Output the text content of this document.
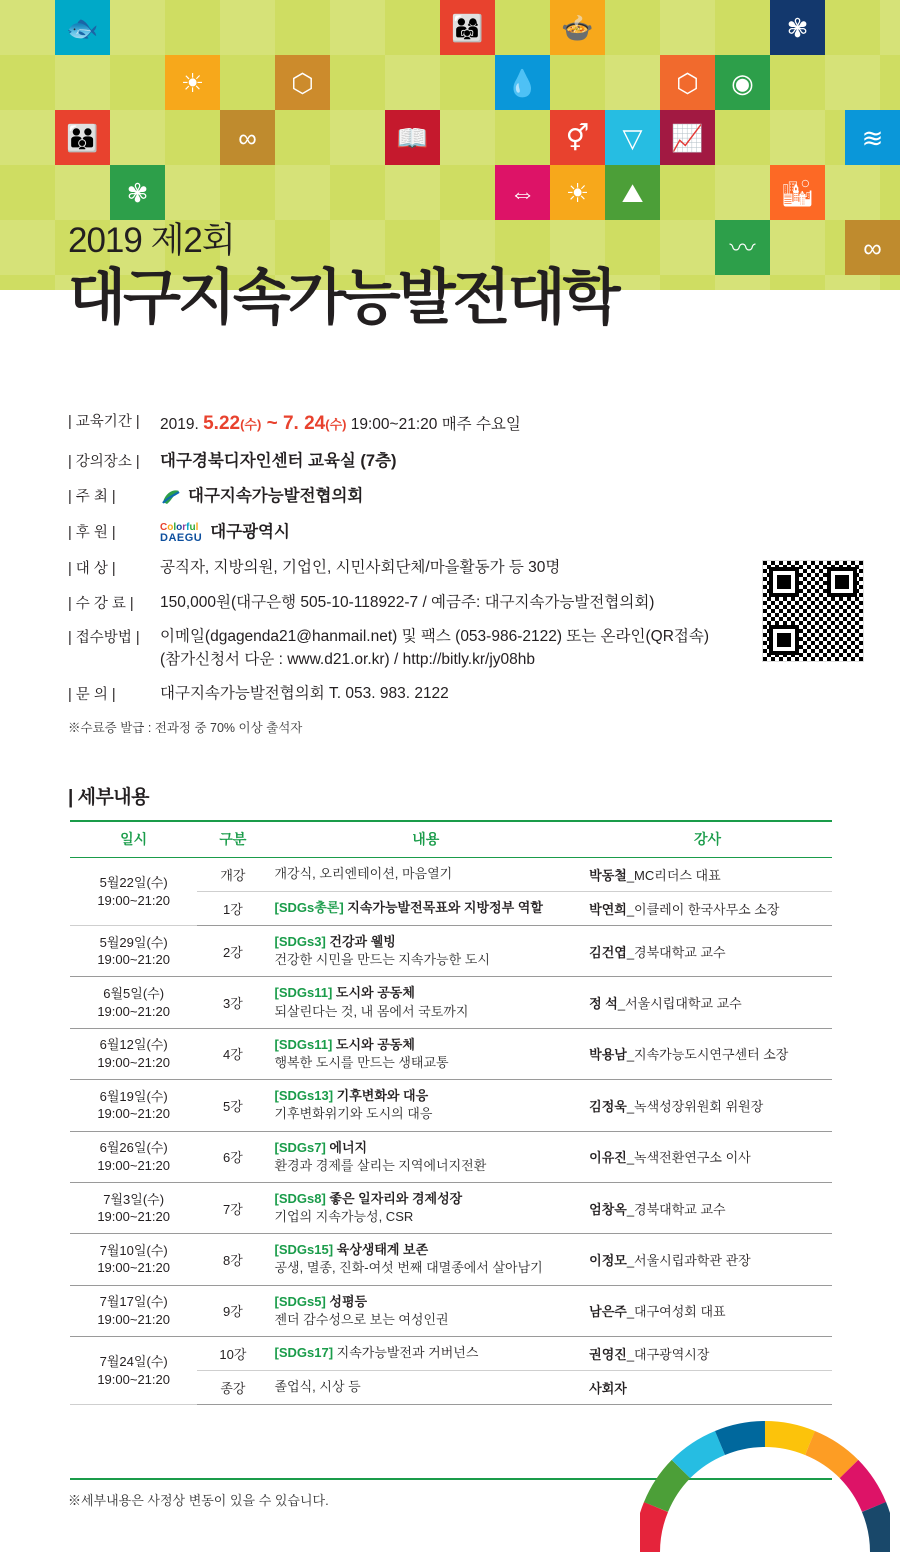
🐟	👨‍👩‍👧	🍲	✾
☀	⬡	💧	⬡	◉
👪	∞	📖	⚥	▽	📈	≋
✾	⇔	☀	⛰	🏙
〰	∞
2019 제2회
대구지속가능발전대학
| 교육기간 |	2019. 5.22(수) ~ 7. 24(수) 19:00~21:20 매주 수요일
| 강의장소 |	대구경북디자인센터 교육실 (7층)
| 주 최 |	대구지속가능발전협의회
| 후 원 |	Colorful
DAEGU 대구광역시
| 대 상 |	공직자, 지방의원, 기업인, 시민사회단체/마을활동가 등 30명
| 수 강 료 |	150,000원(대구은행 505-10-118922-7 / 예금주: 대구지속가능발전협의회)
| 접수방법 |	이메일(dgagenda21@hanmail.net) 및 팩스 (053-986-2122) 또는 온라인(QR접속)
(참가신청서 다운 : www.d21.or.kr) / http://bitly.kr/jy08hb
| 문 의 |	대구지속가능발전협의회 T. 053. 983. 2122
※수료증 발급 : 전과정 중 70% 이상 출석자
| 세부내용
일시	구분	내용	강사
5월22일(수)
19:00~21:20	개강	개강식, 오리엔테이션, 마음열기	박동철_MC리더스 대표
	1강	[SDGs총론] 지속가능발전목표와 지방정부 역할	박연희_이클레이 한국사무소 소장
5월29일(수)
19:00~21:20	2강	
[SDGs3] 건강과 웰빙
건강한 시민을 만드는 지속가능한 도시	김건엽_경북대학교 교수
6월5일(수)
19:00~21:20	3강	
[SDGs11] 도시와 공동체
되살린다는 것, 내 몸에서 국토까지	정 석_서울시립대학교 교수
6월12일(수)
19:00~21:20	4강	
[SDGs11] 도시와 공동체
행복한 도시를 만드는 생태교통	박용남_지속가능도시연구센터 소장
6월19일(수)
19:00~21:20	5강	
[SDGs13] 기후변화와 대응
기후변화위기와 도시의 대응	김정욱_녹색성장위원회 위원장
6월26일(수)
19:00~21:20	6강	
[SDGs7] 에너지
환경과 경제를 살리는 지역에너지전환	이유진_녹색전환연구소 이사
7월3일(수)
19:00~21:20	7강	
[SDGs8] 좋은 일자리와 경제성장
기업의 지속가능성, CSR	엄창옥_경북대학교 교수
7월10일(수)
19:00~21:20	8강	
[SDGs15] 육상생태계 보존
공생, 멸종, 진화-여섯 번째 대멸종에서 살아남기	이정모_서울시립과학관 관장
7월17일(수)
19:00~21:20	9강	
[SDGs5] 성평등
젠더 감수성으로 보는 여성인권	남은주_대구여성회 대표
7월24일(수)
19:00~21:20	10강	[SDGs17] 지속가능발전과 거버넌스	권영진_대구광역시장
	종강	졸업식, 시상 등	사회자
※세부내용은 사정상 변동이 있을 수 있습니다.
